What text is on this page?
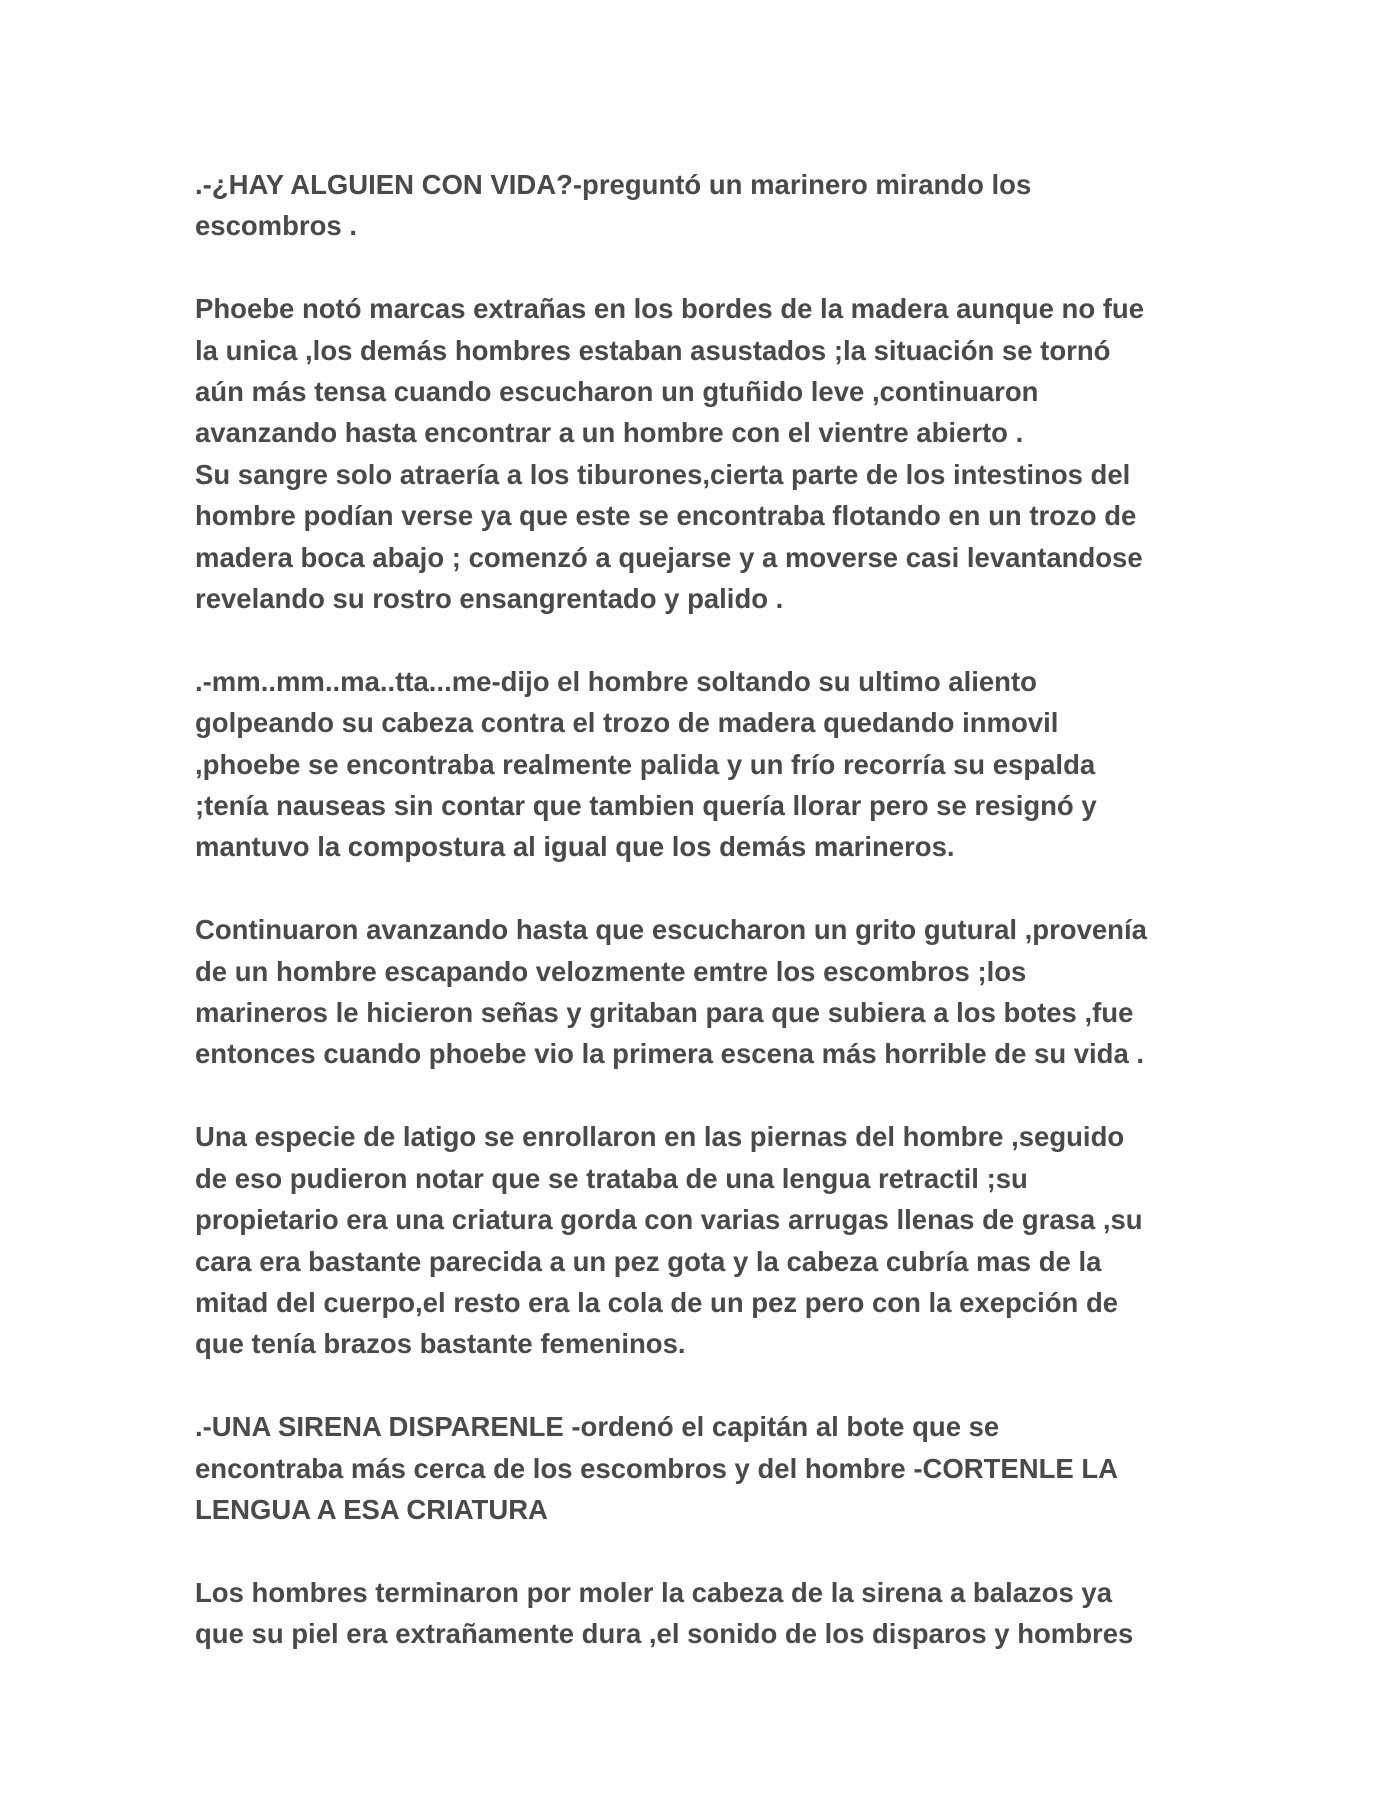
.-¿HAY ALGUIEN CON VIDA?-preguntó un marinero mirando los
escombros .

Phoebe notó marcas extrañas en los bordes de la madera aunque no fue
la unica ,los demás hombres estaban asustados ;la situación se tornó
aún más tensa cuando escucharon un gtuñido leve ,continuaron
avanzando hasta encontrar a un hombre con el vientre abierto .
Su sangre solo atraería a los tiburones,cierta parte de los intestinos del
hombre podían verse ya que este se encontraba flotando en un trozo de
madera boca abajo ; comenzó a quejarse y a moverse casi levantandose
revelando su rostro ensangrentado y palido .

.-mm..mm..ma..tta...me-dijo el hombre soltando su ultimo aliento
golpeando su cabeza contra el trozo de madera quedando inmovil
,phoebe se encontraba realmente palida y un frío recorría su espalda
;tenía nauseas sin contar que tambien quería llorar pero se resignó y
mantuvo la compostura al igual que los demás marineros.

Continuaron avanzando hasta que escucharon un grito gutural ,provenía
de un hombre escapando velozmente emtre los escombros ;los
marineros le hicieron señas y gritaban para que subiera a los botes ,fue
entonces cuando phoebe vio la primera escena más horrible de su vida .

Una especie de latigo se enrollaron en las piernas del hombre ,seguido
de eso pudieron notar que se trataba de una lengua retractil ;su
propietario era una criatura gorda con varias arrugas llenas de grasa ,su
cara era bastante parecida a un pez gota y la cabeza cubría mas de la
mitad del cuerpo,el resto era la cola de un pez pero con la exepción de
que tenía brazos bastante femeninos.

.-UNA SIRENA DISPARENLE -ordenó el capitán al bote que se
encontraba más cerca de los escombros y del hombre -CORTENLE LA
LENGUA A ESA CRIATURA

Los hombres terminaron por moler la cabeza de la sirena a balazos ya
que su piel era extrañamente dura ,el sonido de los disparos y hombres
